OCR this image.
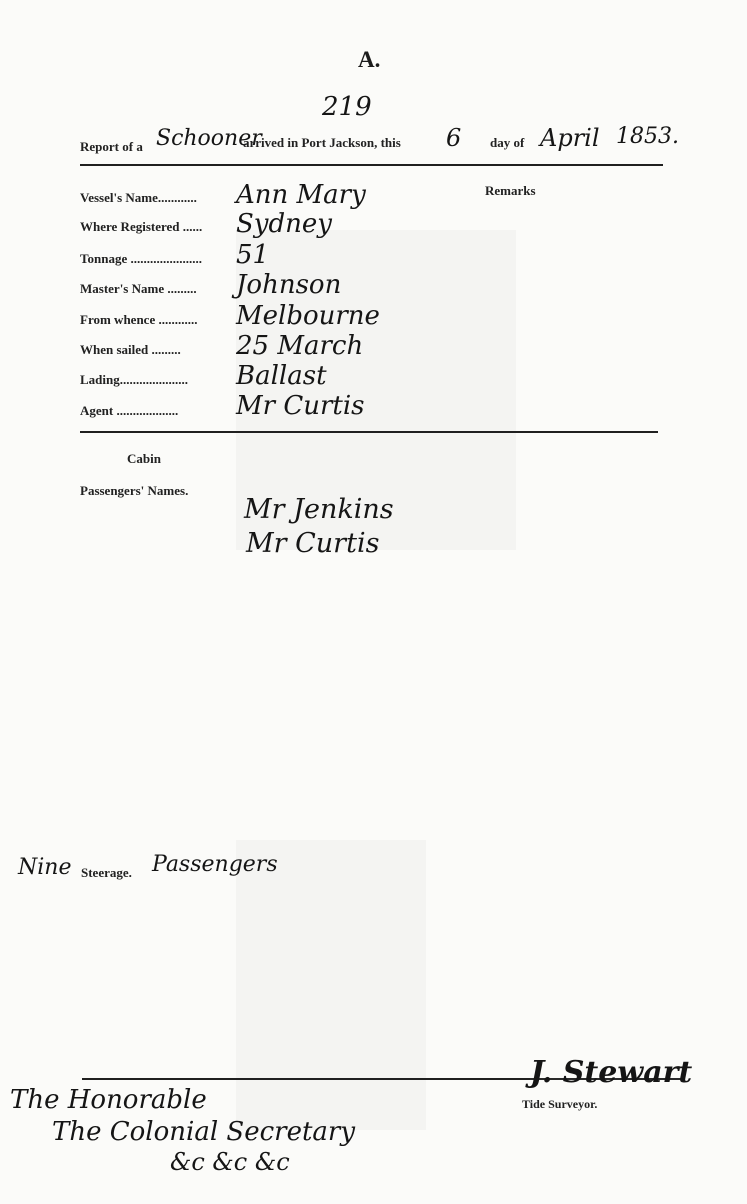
A.
219
Report of a Schooner
arrived in Port Jackson, this 6 day of April 1853.
Remarks
Vessel's Name............ Ann Mary
Where Registered ...... Sydney
Tonnage ...................... 51
Master's Name ......... Johnson
From whence ............ Melbourne
When sailed ......... 25 March
Lading..................... Ballast
Agent ................... Mr Curtis
Cabin
Passengers' Names.
Mr Jenkins
Mr Curtis
Nine Steerage. Passengers
J. Stewart
Tide Surveyor.
The Honorable
The Colonial Secretary
&c &c &c
